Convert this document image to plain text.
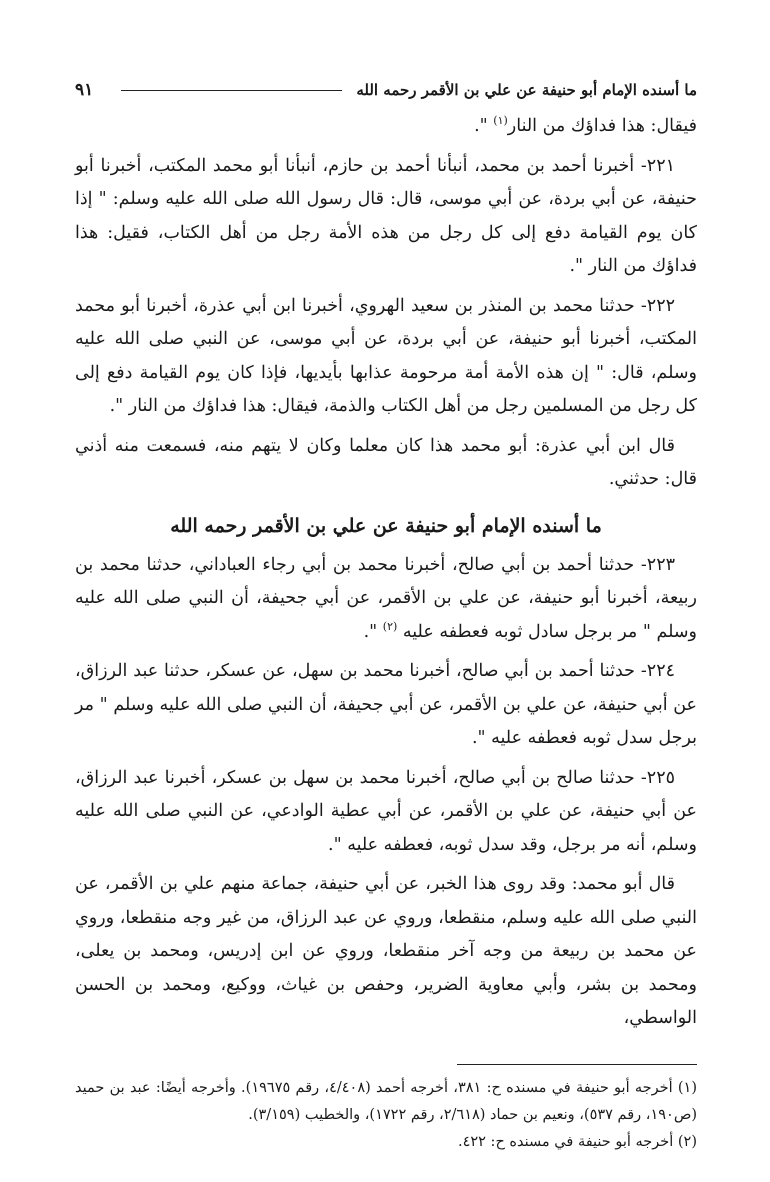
ما أسنده الإمام أبو حنيفة عن علي بن الأقمر رحمه الله
٩١

فيقال: هذا فداؤك من النار$^{(١)}$ ".

٢٢١- أخبرنا أحمد بن محمد، أنبأنا أحمد بن حازم، أنبأنا أبو محمد المكتب، أخبرنا أبو حنيفة، عن أبي بردة، عن أبي موسى، قال: قال رسول الله صلى الله عليه وسلم: " إذا كان يوم القيامة دفع إلى كل رجل من هذه الأمة رجل من أهل الكتاب، فقيل: هذا فداؤك من النار ".

٢٢٢- حدثنا محمد بن المنذر بن سعيد الهروي، أخبرنا ابن أبي عذرة، أخبرنا أبو محمد المكتب، أخبرنا أبو حنيفة، عن أبي بردة، عن أبي موسى، عن النبي صلى الله عليه وسلم، قال: " إن هذه الأمة أمة مرحومة عذابها بأيديها، فإذا كان يوم القيامة دفع إلى كل رجل من المسلمين رجل من أهل الكتاب والذمة، فيقال: هذا فداؤك من النار ".

قال ابن أبي عذرة: أبو محمد هذا كان معلما وكان لا يتهم منه، فسمعت منه أذني قال: حدثني.

ما أسنده الإمام أبو حنيفة عن علي بن الأقمر رحمه الله

٢٢٣- حدثنا أحمد بن أبي صالح، أخبرنا محمد بن أبي رجاء العباداني، حدثنا محمد بن ربيعة، أخبرنا أبو حنيفة، عن علي بن الأقمر، عن أبي جحيفة، أن النبي صلى الله عليه وسلم " مر برجل سادل ثوبه فعطفه عليه $^{(٢)}$ ".

٢٢٤- حدثنا أحمد بن أبي صالح، أخبرنا محمد بن سهل، عن عسكر، حدثنا عبد الرزاق، عن أبي حنيفة، عن علي بن الأقمر، عن أبي جحيفة، أن النبي صلى الله عليه وسلم " مر برجل سدل ثوبه فعطفه عليه ".

٢٢٥- حدثنا صالح بن أبي صالح، أخبرنا محمد بن سهل بن عسكر، أخبرنا عبد الرزاق، عن أبي حنيفة، عن علي بن الأقمر، عن أبي عطية الوادعي، عن النبي صلى الله عليه وسلم، أنه مر برجل، وقد سدل ثوبه، فعطفه عليه ".

قال أبو محمد: وقد روى هذا الخبر، عن أبي حنيفة، جماعة منهم علي بن الأقمر، عن النبي صلى الله عليه وسلم، منقطعا، وروي عن عبد الرزاق، من غير وجه منقطعا، وروي عن محمد بن ربيعة من وجه آخر منقطعا، وروي عن ابن إدريس، ومحمد بن يعلى، ومحمد بن بشر، وأبي معاوية الضرير، وحفص بن غياث، ووكيع، ومحمد بن الحسن الواسطي،

(١) أخرجه أبو حنيفة في مسنده ح: ٣٨١، أخرجه أحمد (٤/٤٠٨، رقم ١٩٦٧٥). وأخرجه أيضًا: عبد بن حميد (ص١٩٠، رقم ٥٣٧)، ونعيم بن حماد (٢/٦١٨، رقم ١٧٢٢)، والخطيب (٣/١٥٩).

(٢) أخرجه أبو حنيفة في مسنده ح: ٤٢٢.
